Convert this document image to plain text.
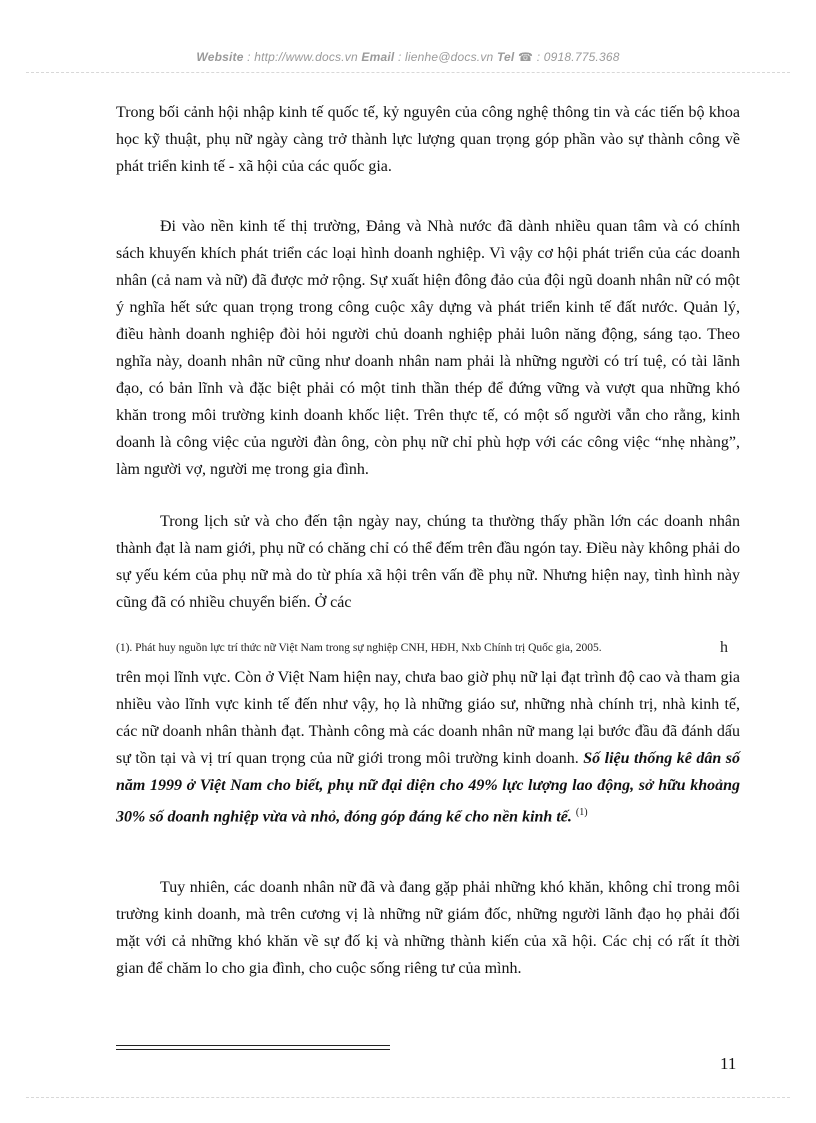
Website : http://www.docs.vn Email : lienhe@docs.vn Tel ☎ : 0918.775.368

Trong bối cảnh hội nhập kinh tế quốc tế, kỷ nguyên của công nghệ thông tin và các tiến bộ khoa học kỹ thuật, phụ nữ ngày càng trở thành lực lượng quan trọng góp phần vào sự thành công về phát triển kinh tế - xã hội của các quốc gia.

Đi vào nền kinh tế thị trường, Đảng và Nhà nước đã dành nhiều quan tâm và có chính sách khuyến khích phát triển các loại hình doanh nghiệp. Vì vậy cơ hội phát triển của các doanh nhân (cả nam và nữ) đã được mở rộng. Sự xuất hiện đông đảo của đội ngũ doanh nhân nữ có một ý nghĩa hết sức quan trọng trong công cuộc xây dựng và phát triển kinh tế đất nước. Quản lý, điều hành doanh nghiệp đòi hỏi người chủ doanh nghiệp phải luôn năng động, sáng tạo. Theo nghĩa này, doanh nhân nữ cũng như doanh nhân nam phải là những người có trí tuệ, có tài lãnh đạo, có bản lĩnh và đặc biệt phải có một tinh thần thép để đứng vững và vượt qua những khó khăn trong môi trường kinh doanh khốc liệt. Trên thực tế, có một số người vẫn cho rằng, kinh doanh là công việc của người đàn ông, còn phụ nữ chỉ phù hợp với các công việc “nhẹ nhàng”, làm người vợ, người mẹ trong gia đình.

Trong lịch sử và cho đến tận ngày nay, chúng ta thường thấy phần lớn các doanh nhân thành đạt là nam giới, phụ nữ có chăng chỉ có thể đếm trên đầu ngón tay. Điều này không phải do sự yếu kém của phụ nữ mà do từ phía xã hội trên vấn đề phụ nữ. Nhưng hiện nay, tình hình này cũng đã có nhiều chuyển biến. Ở các

(1). Phát huy nguồn lực trí thức nữ Việt Nam trong sự nghiệp CNH, HĐH, Nxb Chính trị Quốc gia, 2005.	h

trên mọi lĩnh vực. Còn ở Việt Nam hiện nay, chưa bao giờ phụ nữ lại đạt trình độ cao và tham gia nhiều vào lĩnh vực kinh tế đến như vậy, họ là những giáo sư, những nhà chính trị, nhà kinh tế, các nữ doanh nhân thành đạt. Thành công mà các doanh nhân nữ mang lại bước đầu đã đánh dấu sự tồn tại và vị trí quan trọng của nữ giới trong môi trường kinh doanh. Số liệu thống kê dân số năm 1999 ở Việt Nam cho biết, phụ nữ đại diện cho 49% lực lượng lao động, sở hữu khoảng 30% số doanh nghiệp vừa và nhỏ, đóng góp đáng kể cho nền kinh tế. $^{(1)}$

Tuy nhiên, các doanh nhân nữ đã và đang gặp phải những khó khăn, không chỉ trong môi trường kinh doanh, mà trên cương vị là những nữ giám đốc, những người lãnh đạo họ phải đối mặt với cả những khó khăn về sự đố kị và những thành kiến của xã hội. Các chị có rất ít thời gian để chăm lo cho gia đình, cho cuộc sống riêng tư của mình.

11
